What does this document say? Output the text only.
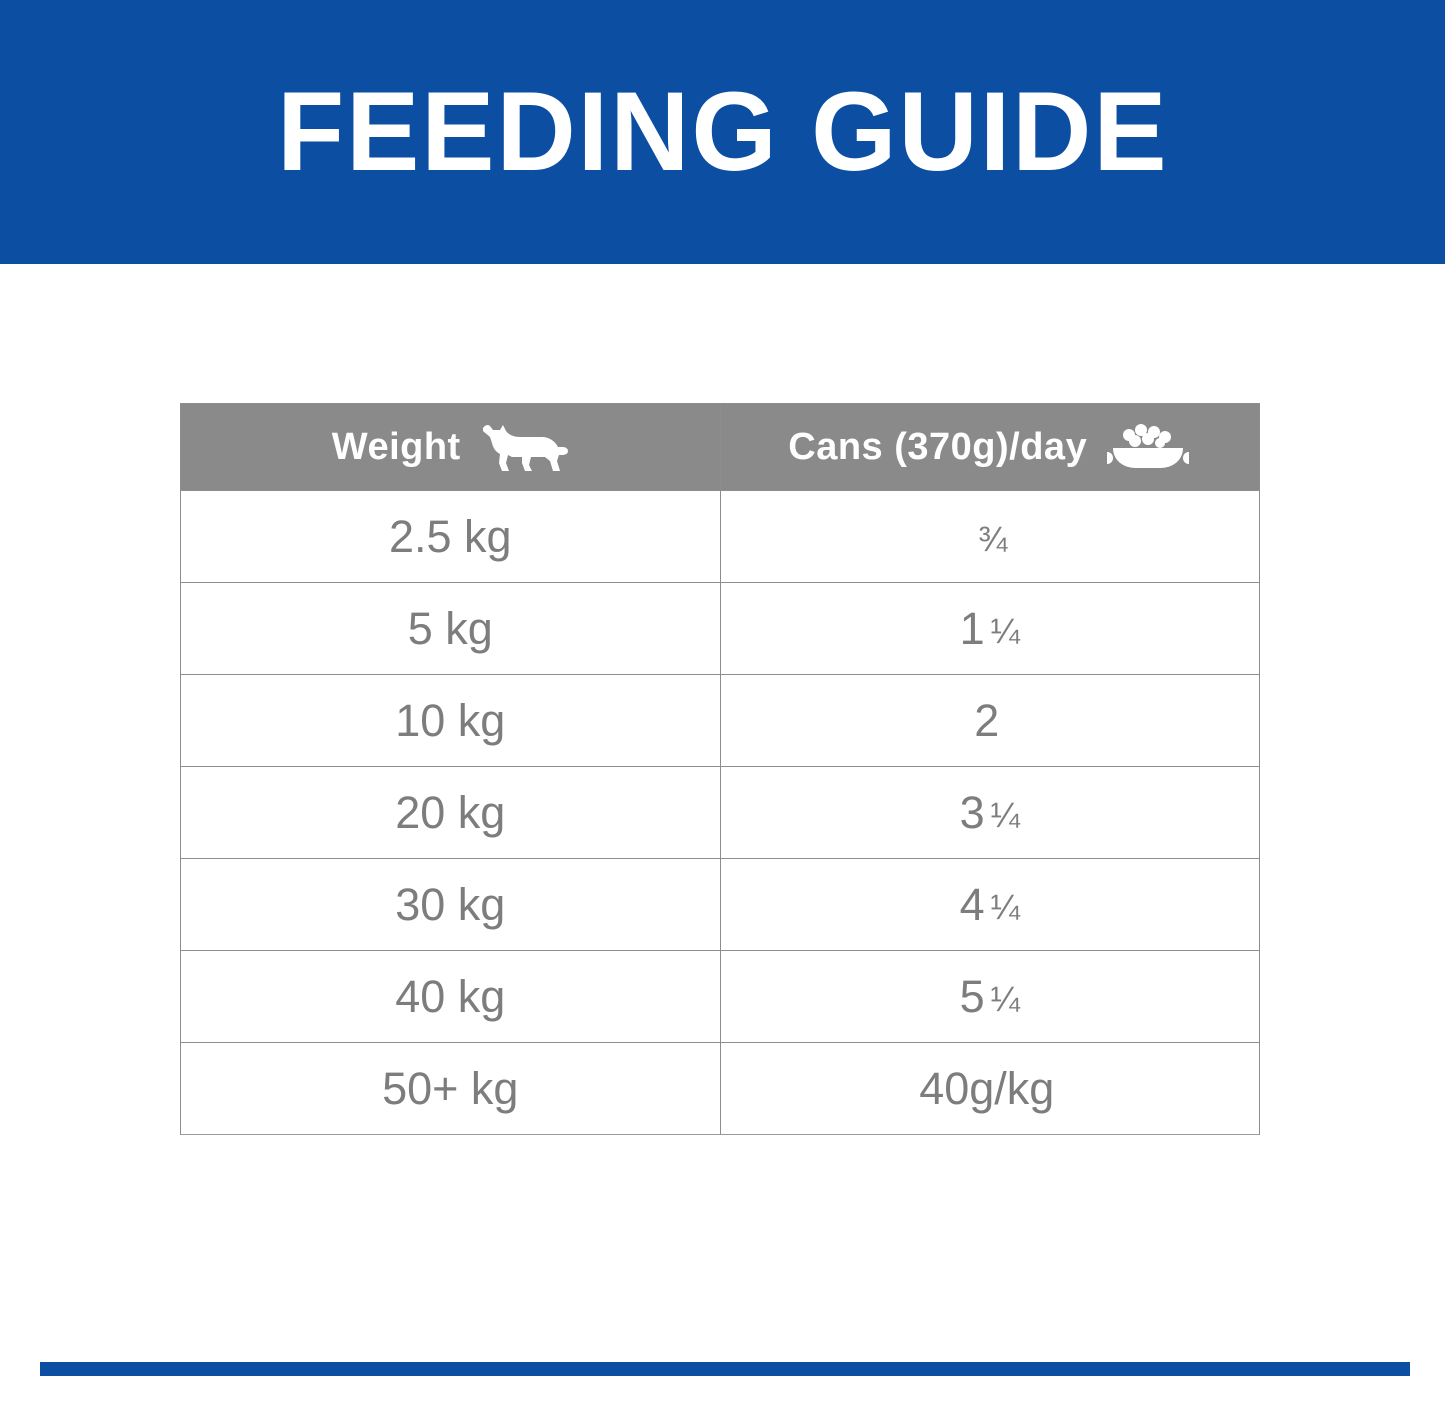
FEEDING GUIDE
Weight	Cans (370g)/day

2.5 kg	¾
5 kg	1 ¼
10 kg	2
20 kg	3 ¼
30 kg	4 ¼
40 kg	5 ¼
50+ kg	40g/kg
